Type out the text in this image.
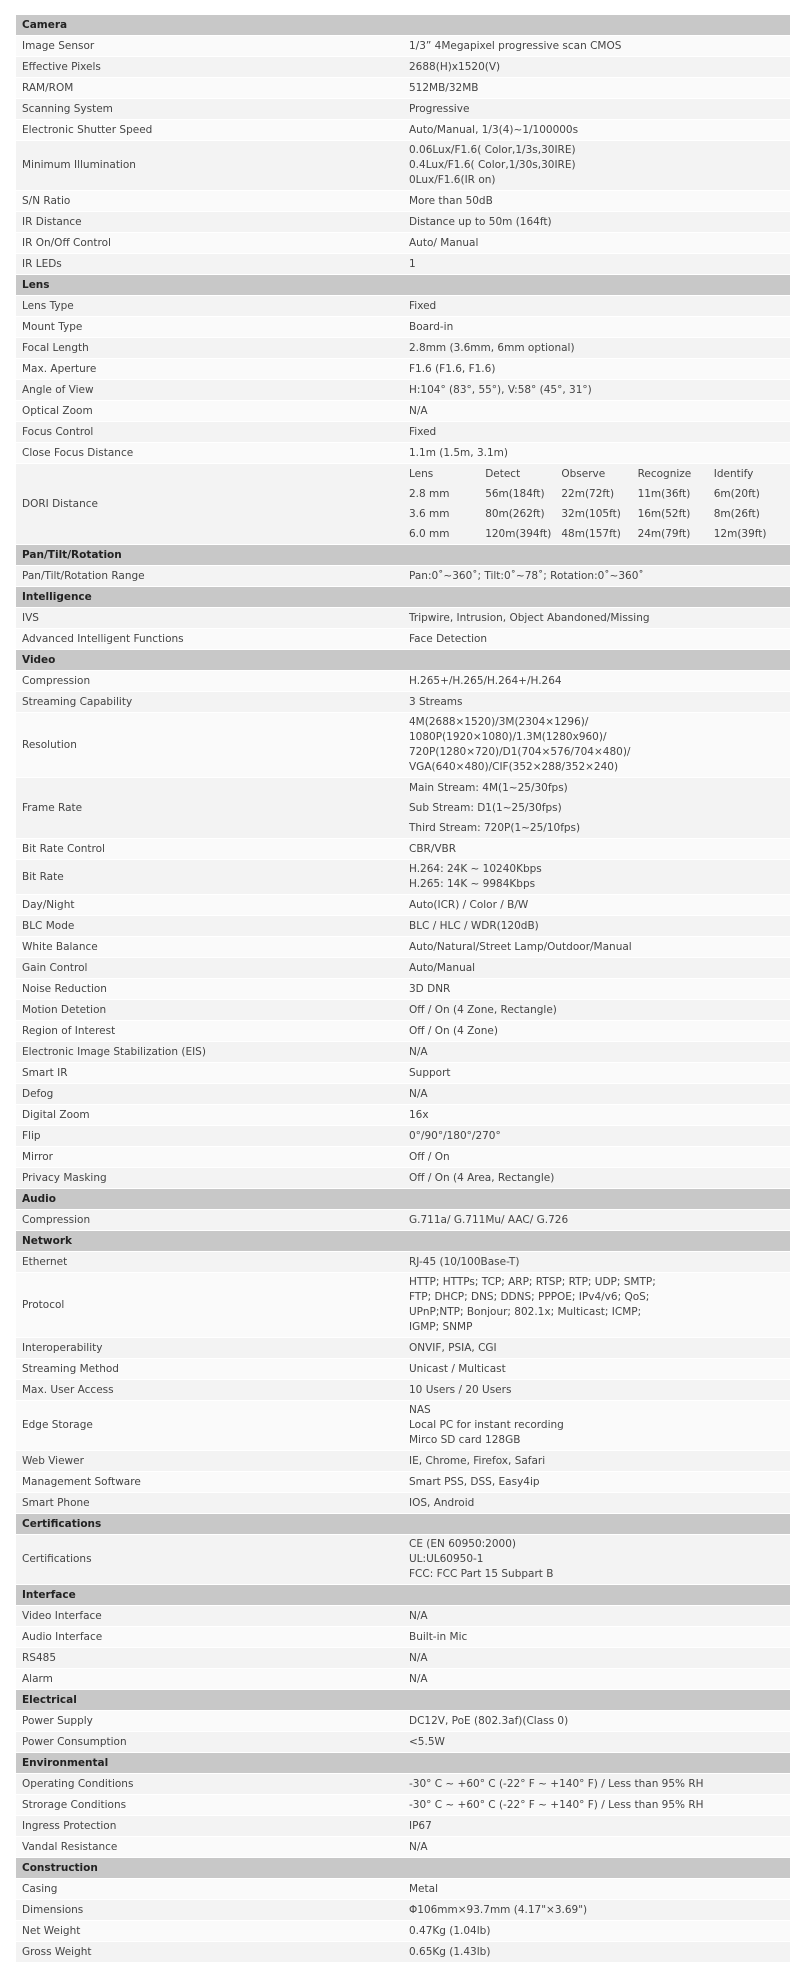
Camera
Image Sensor	1/3” 4Megapixel progressive scan CMOS

Effective Pixels	2688(H)x1520(V)

RAM/ROM	512MB/32MB

Scanning System	Progressive

Electronic Shutter Speed	Auto/Manual, 1/3(4)~1/100000s

Minimum Illumination	
0.06Lux/F1.6( Color,1/3s,30IRE)
0.4Lux/F1.6( Color,1/30s,30IRE)
0Lux/F1.6(IR on)

S/N Ratio	More than 50dB

IR Distance	Distance up to 50m (164ft)

IR On/Off Control	Auto/ Manual

IR LEDs	1

Lens
Lens Type	Fixed

Mount Type	Board-in

Focal Length	2.8mm (3.6mm, 6mm optional)

Max. Aperture	F1.6 (F1.6, F1.6)

Angle of View	H:104° (83°, 55°), V:58° (45°, 31°)

Optical Zoom	N/A

Focus Control	Fixed

Close Focus Distance	1.1m (1.5m, 3.1m)

DORI Distance	
Lens	Detect	Observe	Recognize	Identify
2.8 mm	56m(184ft)	22m(72ft)	11m(36ft)	6m(20ft)
3.6 mm	80m(262ft)	32m(105ft)	16m(52ft)	8m(26ft)
6.0 mm	120m(394ft)	48m(157ft)	24m(79ft)	12m(39ft)

Pan/Tilt/Rotation
Pan/Tilt/Rotation Range	Pan:0˚~360˚; Tilt:0˚~78˚; Rotation:0˚~360˚

Intelligence
IVS	Tripwire, Intrusion, Object Abandoned/Missing

Advanced Intelligent Functions	Face Detection

Video
Compression	H.265+/H.265/H.264+/H.264

Streaming Capability	3 Streams

Resolution	
4M(2688×1520)/3M(2304×1296)/
1080P(1920×1080)/1.3M(1280x960)/
720P(1280×720)/D1(704×576/704×480)/
VGA(640×480)/CIF(352×288/352×240)

Frame Rate	
Main Stream: 4M(1~25/30fps)
Sub Stream: D1(1~25/30fps)
Third Stream: 720P(1~25/10fps)

Bit Rate Control	CBR/VBR

Bit Rate	
H.264: 24K ~ 10240Kbps
H.265: 14K ~ 9984Kbps

Day/Night	Auto(ICR) / Color / B/W

BLC Mode	BLC / HLC / WDR(120dB)

White Balance	Auto/Natural/Street Lamp/Outdoor/Manual

Gain Control	Auto/Manual

Noise Reduction	3D DNR

Motion Detetion	Off / On (4 Zone, Rectangle)

Region of Interest	Off / On (4 Zone)

Electronic Image Stabilization (EIS)	N/A

Smart IR	Support

Defog	N/A

Digital Zoom	16x

Flip	0°/90°/180°/270°

Mirror	Off / On

Privacy Masking	Off / On (4 Area, Rectangle)

Audio
Compression	G.711a/ G.711Mu/ AAC/ G.726

Network
Ethernet	RJ-45 (10/100Base-T)

Protocol	
HTTP; HTTPs; TCP; ARP; RTSP; RTP; UDP; SMTP;
FTP; DHCP; DNS; DDNS; PPPOE; IPv4/v6; QoS;
UPnP;NTP; Bonjour; 802.1x; Multicast; ICMP;
IGMP; SNMP

Interoperability	ONVIF, PSIA, CGI

Streaming Method	Unicast / Multicast

Max. User Access	10 Users / 20 Users

Edge Storage	
NAS
Local PC for instant recording
Mirco SD card 128GB

Web Viewer	IE, Chrome, Firefox, Safari

Management Software	Smart PSS, DSS, Easy4ip

Smart Phone	IOS, Android

Certifications
Certifications	
CE (EN 60950:2000)
UL:UL60950-1
FCC: FCC Part 15 Subpart B

Interface
Video Interface	N/A

Audio Interface	Built-in Mic

RS485	N/A

Alarm	N/A

Electrical
Power Supply	DC12V, PoE (802.3af)(Class 0)

Power Consumption	<5.5W

Environmental
Operating Conditions	-30° C ~ +60° C (-22° F ~ +140° F) / Less than 95% RH

Strorage Conditions	-30° C ~ +60° C (-22° F ~ +140° F) / Less than 95% RH

Ingress Protection	IP67

Vandal Resistance	N/A

Construction
Casing	Metal

Dimensions	Φ106mm×93.7mm (4.17"×3.69")

Net Weight	0.47Kg (1.04lb)

Gross Weight	0.65Kg (1.43lb)
